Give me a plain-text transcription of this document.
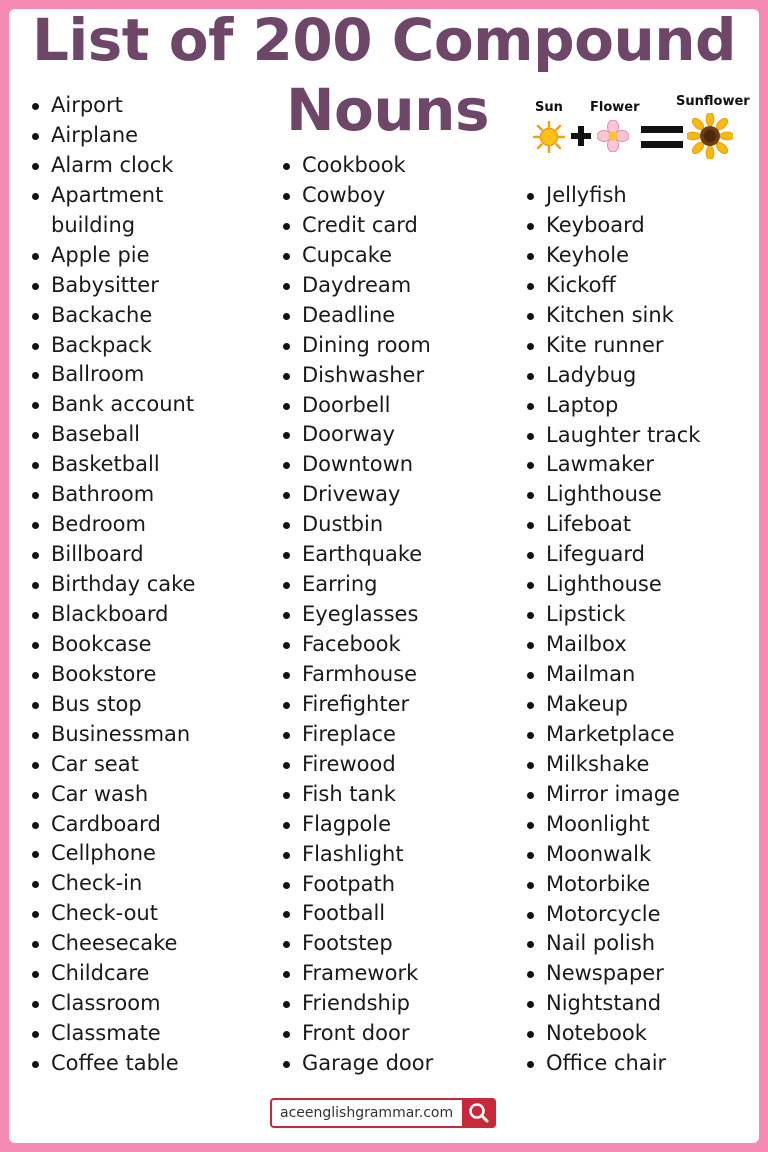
List of 200 Compound
Nouns	Sun Flower	Sunflower
Airport
Airplane
Alarm clock
Apartment
building
Apple pie
Babysitter
Backache
Backpack
Ballroom
Bank account
Baseball
Basketball
Bathroom
Bedroom
Billboard
Birthday cake
Blackboard
Bookcase
Bookstore
Bus stop
Businessman
Car seat
Car wash
Cardboard
Cellphone
Check-in
Check-out
Cheesecake
Childcare
Classroom
Classmate
Coffee table
Cookbook
Cowboy
Credit card
Cupcake
Daydream
Deadline
Dining room
Dishwasher
Doorbell
Doorway
Downtown
Driveway
Dustbin
Earthquake
Earring
Eyeglasses
Facebook
Farmhouse
Firefighter
Fireplace
Firewood
Fish tank
Flagpole
Flashlight
Footpath
Football
Footstep
Framework
Friendship
Front door
Garage door
Jellyfish
Keyboard
Keyhole
Kickoff
Kitchen sink
Kite runner
Ladybug
Laptop
Laughter track
Lawmaker
Lighthouse
Lifeboat
Lifeguard
Lighthouse
Lipstick
Mailbox
Mailman
Makeup
Marketplace
Milkshake
Mirror image
Moonlight
Moonwalk
Motorbike
Motorcycle
Nail polish
Newspaper
Nightstand
Notebook
Office chair
aceenglishgrammar.com
